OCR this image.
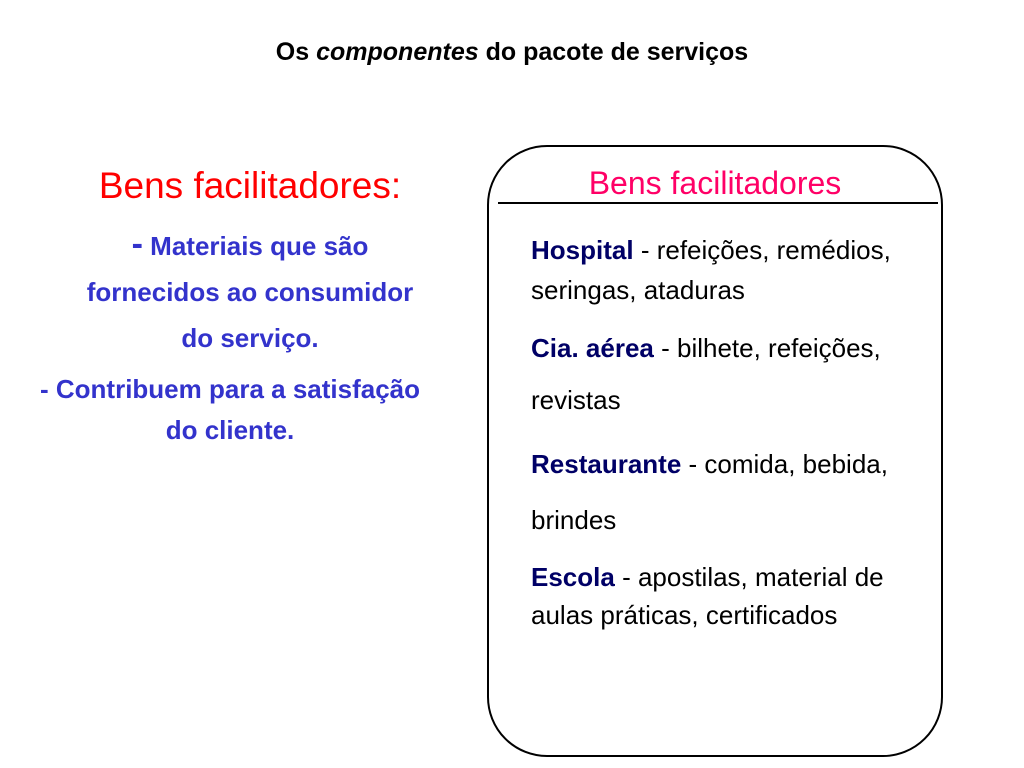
Os componentes do pacote de serviços
Bens facilitadores:
- Materiais que são fornecidos ao consumidor do serviço.
- Contribuem para a satisfação do cliente.
Bens facilitadores

Hospital - refeições, remédios, seringas, ataduras

Cia. aérea - bilhete, refeições, revistas

Restaurante - comida, bebida, brindes

Escola - apostilas, material de aulas práticas, certificados
